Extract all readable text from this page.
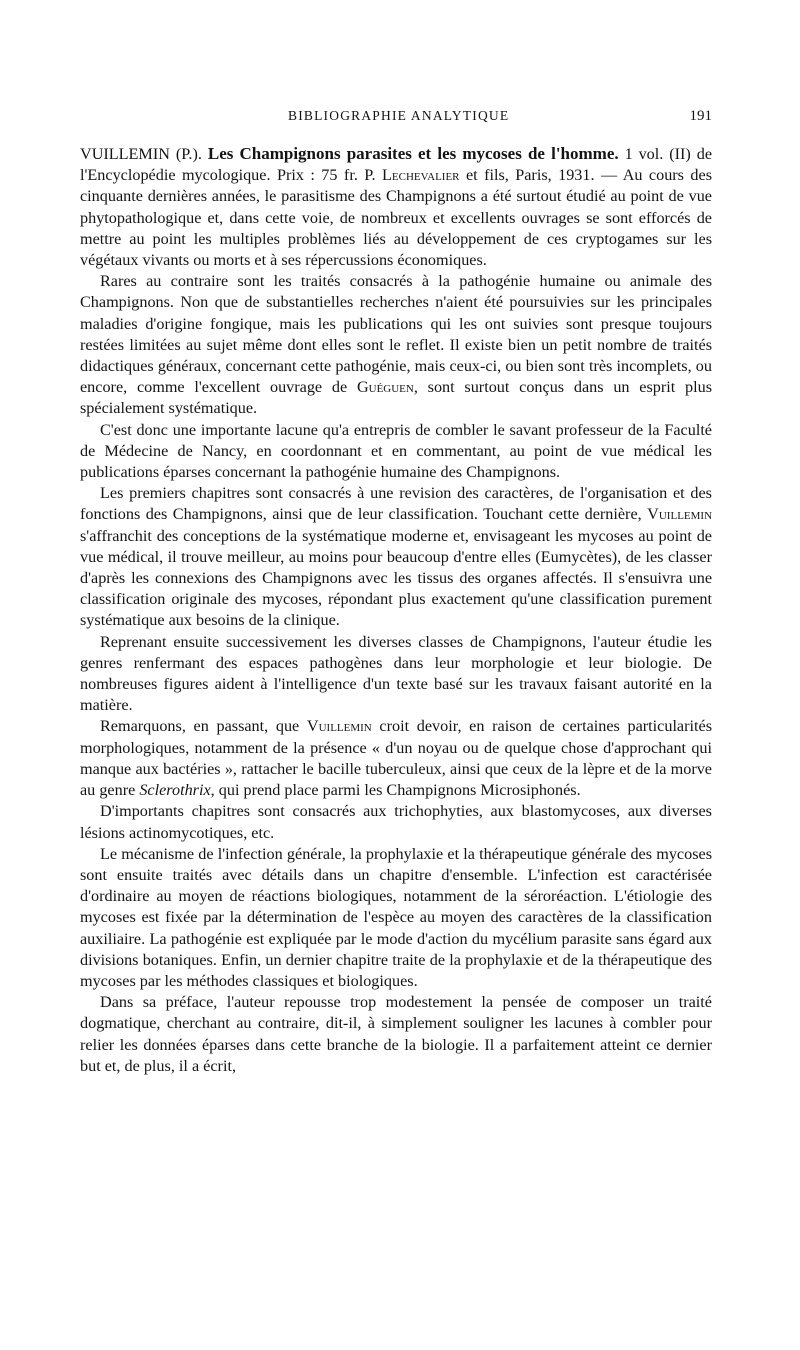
BIBLIOGRAPHIE ANALYTIQUE	191

VUILLEMIN (P.). Les Champignons parasites et les mycoses de l'homme. 1 vol. (II) de l'Encyclopédie mycologique. Prix : 75 fr. P. Lechevalier et fils, Paris, 1931. — Au cours des cinquante dernières années, le parasitisme des Champignons a été surtout étudié au point de vue phytopathologique et, dans cette voie, de nombreux et excellents ouvrages se sont efforcés de mettre au point les multiples problèmes liés au développement de ces cryptogames sur les végétaux vivants ou morts et à ses répercussions économiques.

Rares au contraire sont les traités consacrés à la pathogénie humaine ou animale des Champignons. Non que de substantielles recherches n'aient été poursuivies sur les principales maladies d'origine fongique, mais les publications qui les ont suivies sont presque toujours restées limitées au sujet même dont elles sont le reflet. Il existe bien un petit nombre de traités didactiques généraux, concernant cette pathogénie, mais ceux-ci, ou bien sont très incomplets, ou encore, comme l'excellent ouvrage de Guéguen, sont surtout conçus dans un esprit plus spécialement systématique.

C'est donc une importante lacune qu'a entrepris de combler le savant professeur de la Faculté de Médecine de Nancy, en coordonnant et en commentant, au point de vue médical les publications éparses concernant la pathogénie humaine des Champignons.

Les premiers chapitres sont consacrés à une revision des caractères, de l'organisation et des fonctions des Champignons, ainsi que de leur classification. Touchant cette dernière, Vuillemin s'affranchit des conceptions de la systématique moderne et, envisageant les mycoses au point de vue médical, il trouve meilleur, au moins pour beaucoup d'entre elles (Eumycètes), de les classer d'après les connexions des Champignons avec les tissus des organes affectés. Il s'ensuivra une classification originale des mycoses, répondant plus exactement qu'une classification purement systématique aux besoins de la clinique.

Reprenant ensuite successivement les diverses classes de Champignons, l'auteur étudie les genres renfermant des espaces pathogènes dans leur morphologie et leur biologie. De nombreuses figures aident à l'intelligence d'un texte basé sur les travaux faisant autorité en la matière.

Remarquons, en passant, que Vuillemin croit devoir, en raison de certaines particularités morphologiques, notamment de la présence « d'un noyau ou de quelque chose d'approchant qui manque aux bactéries », rattacher le bacille tuberculeux, ainsi que ceux de la lèpre et de la morve au genre Sclerothrix, qui prend place parmi les Champignons Microsiphonés.

D'importants chapitres sont consacrés aux trichophyties, aux blastomycoses, aux diverses lésions actinomycotiques, etc.

Le mécanisme de l'infection générale, la prophylaxie et la thérapeutique générale des mycoses sont ensuite traités avec détails dans un chapitre d'ensemble. L'infection est caractérisée d'ordinaire au moyen de réactions biologiques, notamment de la séroréaction. L'étiologie des mycoses est fixée par la détermination de l'espèce au moyen des caractères de la classification auxiliaire. La pathogénie est expliquée par le mode d'action du mycélium parasite sans égard aux divisions botaniques. Enfin, un dernier chapitre traite de la prophylaxie et de la thérapeutique des mycoses par les méthodes classiques et biologiques.

Dans sa préface, l'auteur repousse trop modestement la pensée de composer un traité dogmatique, cherchant au contraire, dit-il, à simplement souligner les lacunes à combler pour relier les données éparses dans cette branche de la biologie. Il a parfaitement atteint ce dernier but et, de plus, il a écrit,
